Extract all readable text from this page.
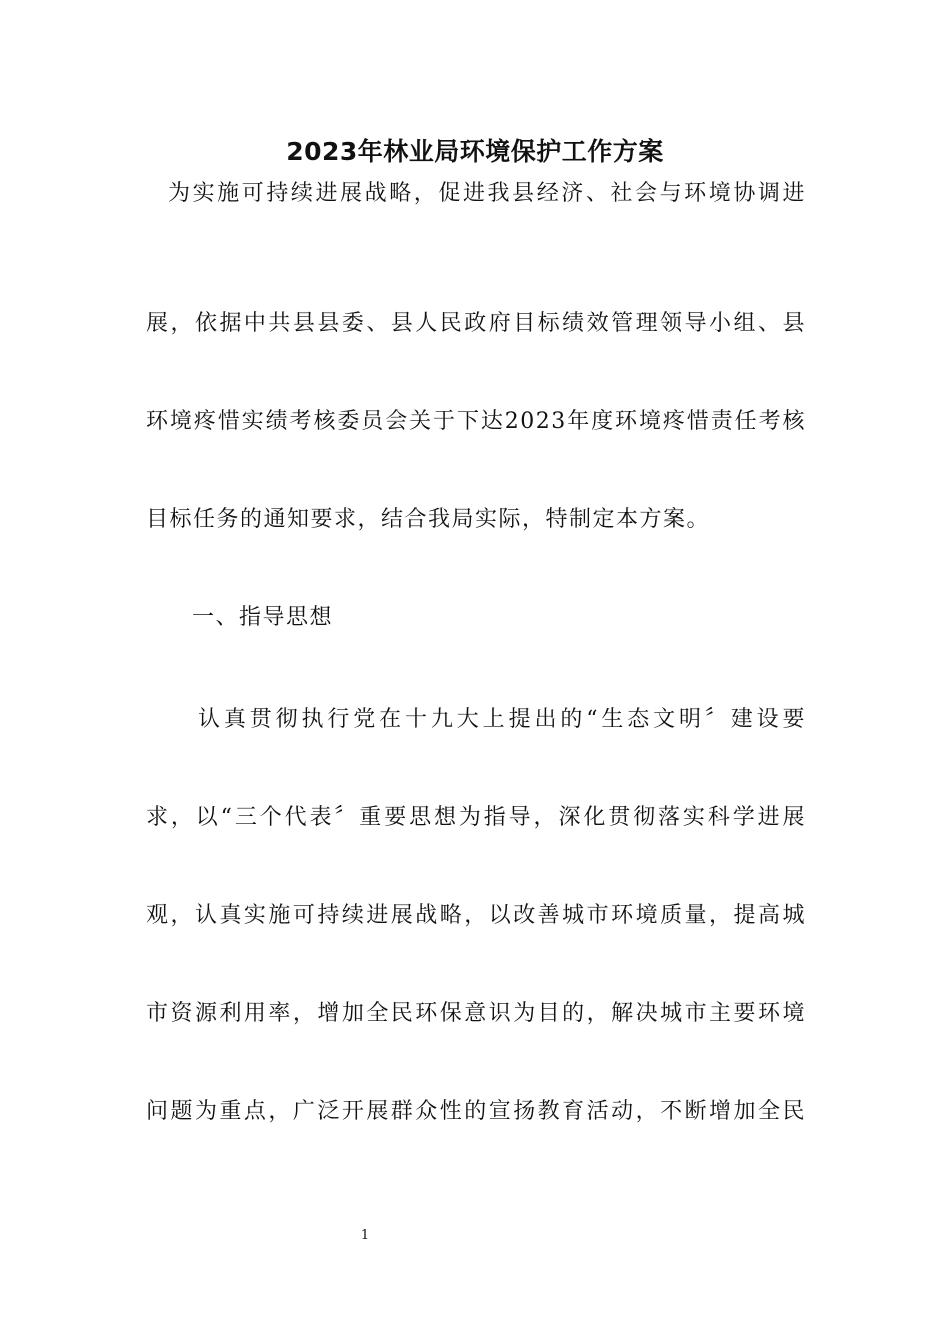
2023年林业局环境保护工作方案
为实施可持续进展战略，促进我县经济、社会与环境协调进
展，依据中共县县委、县人民政府目标绩效管理领导小组、县
环境疼惜实绩考核委员会关于下达2023年度环境疼惜责任考核
目标任务的通知要求，结合我局实际，特制定本方案。
一、指导思想
认真贯彻执行党在十九大上提出的“生态文明〞建设要
求，以“三个代表〞重要思想为指导，深化贯彻落实科学进展
观，认真实施可持续进展战略，以改善城市环境质量，提高城
市资源利用率，增加全民环保意识为目的，解决城市主要环境
问题为重点，广泛开展群众性的宣扬教育活动，不断增加全民
1
